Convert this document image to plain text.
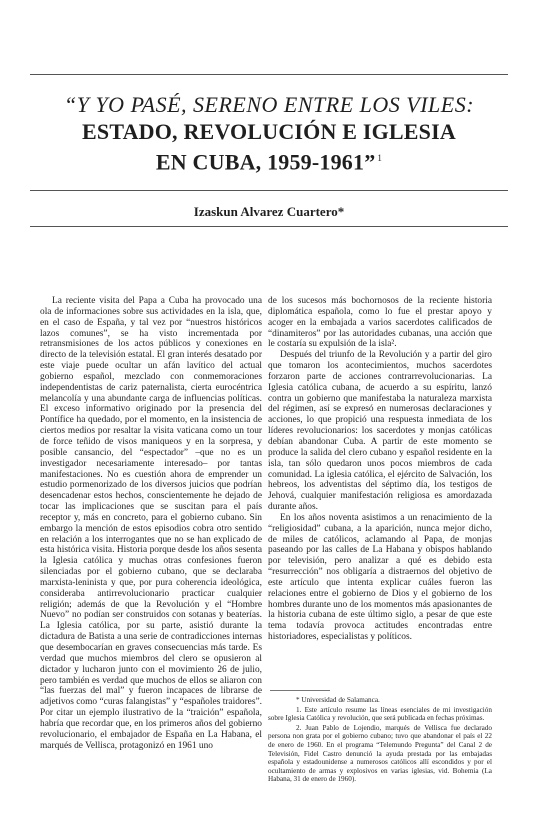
“Y YO PASÉ, SERENO ENTRE LOS VILES:

ESTADO, REVOLUCIÓN E IGLESIA

EN CUBA, 1959-1961” $^1$

Izaskun Alvarez Cuartero*

La reciente visita del Papa a Cuba ha provocado una ola de informaciones sobre sus actividades en la isla, que, en el caso de España, y tal vez por “nuestros históricos lazos comunes”, se ha visto incrementada por retransmisiones de los actos públicos y conexiones en directo de la televisión estatal. El gran interés desatado por este viaje puede ocultar un afán lavítico del actual gobierno español, mezclado con conmemoraciones independentistas de cariz paternalista, cierta eurocéntrica melancolía y una abundante carga de influencias políticas. El exceso informativo originado por la presencia del Pontífice ha quedado, por el momento, en la insistencia de ciertos medios por resaltar la visita vaticana como un tour de force teñido de visos maniqueos y en la sorpresa, y posible cansancio, del “espectador” –que no es un investigador necesariamente interesado– por tantas manifestaciones. No es cuestión ahora de emprender un estudio pormenorizado de los diversos juicios que podrían desencadenar estos hechos, conscientemente he dejado de tocar las implicaciones que se suscitan para el país receptor y, más en concreto, para el gobierno cubano. Sin embargo la mención de estos episodios cobra otro sentido en relación a los interrogantes que no se han explicado de esta histórica visita. Historia porque desde los años sesenta la Iglesia católica y muchas otras confesiones fueron silenciadas por el gobierno cubano, que se declaraba marxista-leninista y que, por pura coherencia ideológica, consideraba antirrevolucionario practicar cualquier religión; además de que la Revolución y el “Hombre Nuevo” no podían ser construidos con sotanas y beaterías. La Iglesia católica, por su parte, asistió durante la dictadura de Batista a una serie de contradicciones internas que desembocarían en graves consecuencias más tarde. Es verdad que muchos miembros del clero se opusieron al dictador y lucharon junto con el movimiento 26 de julio, pero también es verdad que muchos de ellos se aliaron con “las fuerzas del mal” y fueron incapaces de librarse de adjetivos como “curas falangistas” y “españoles traidores”. Por citar un ejemplo ilustrativo de la “traición” española, habría que recordar que, en los primeros años del gobierno revolucionario, el embajador de España en La Habana, el marqués de Vellisca, protagonizó en 1961 uno

de los sucesos más bochornosos de la reciente historia diplomática española, como lo fue el prestar apoyo y acoger en la embajada a varios sacerdotes calificados de “dinamiteros” por las autoridades cubanas, una acción que le costaría su expulsión de la isla².

Después del triunfo de la Revolución y a partir del giro que tomaron los acontecimientos, muchos sacerdotes forzaron parte de acciones contrarrevolucionarias. La Iglesia católica cubana, de acuerdo a su espíritu, lanzó contra un gobierno que manifestaba la naturaleza marxista del régimen, así se expresó en numerosas declaraciones y acciones, lo que propició una respuesta inmediata de los líderes revolucionarios: los sacerdotes y monjas católicas debían abandonar Cuba. A partir de este momento se produce la salida del clero cubano y español residente en la isla, tan sólo quedaron unos pocos miembros de cada comunidad. La iglesia católica, el ejército de Salvación, los hebreos, los adventistas del séptimo día, los testigos de Jehová, cualquier manifestación religiosa es amordazada durante años.

En los años noventa asistimos a un renacimiento de la “religiosidad” cubana, a la aparición, nunca mejor dicho, de miles de católicos, aclamando al Papa, de monjas paseando por las calles de La Habana y obispos hablando por televisión, pero analizar a qué es debido esta “resurrección” nos obligaría a distraernos del objetivo de este artículo que intenta explicar cuáles fueron las relaciones entre el gobierno de Dios y el gobierno de los hombres durante uno de los momentos más apasionantes de la historia cubana de este último siglo, a pesar de que este tema todavía provoca actitudes encontradas entre historiadores, especialistas y políticos.

* Universidad de Salamanca.

1. Este artículo resume las líneas esenciales de mi investigación sobre Iglesia Católica y revolución, que será publicada en fechas próximas.

2. Juan Pablo de Lojendio, marqués de Vellisca fue declarado persona non grata por el gobierno cubano; tuvo que abandonar el país el 22 de enero de 1960. En el programa “Telemundo Pregunta” del Canal 2 de Televisión, Fidel Castro denunció la ayuda prestada por las embajadas española y estadounidense a numerosos católicos allí escondidos y por el ocultamiento de armas y explosivos en varias iglesias, vid. Bohemia (La Habana, 31 de enero de 1960).
